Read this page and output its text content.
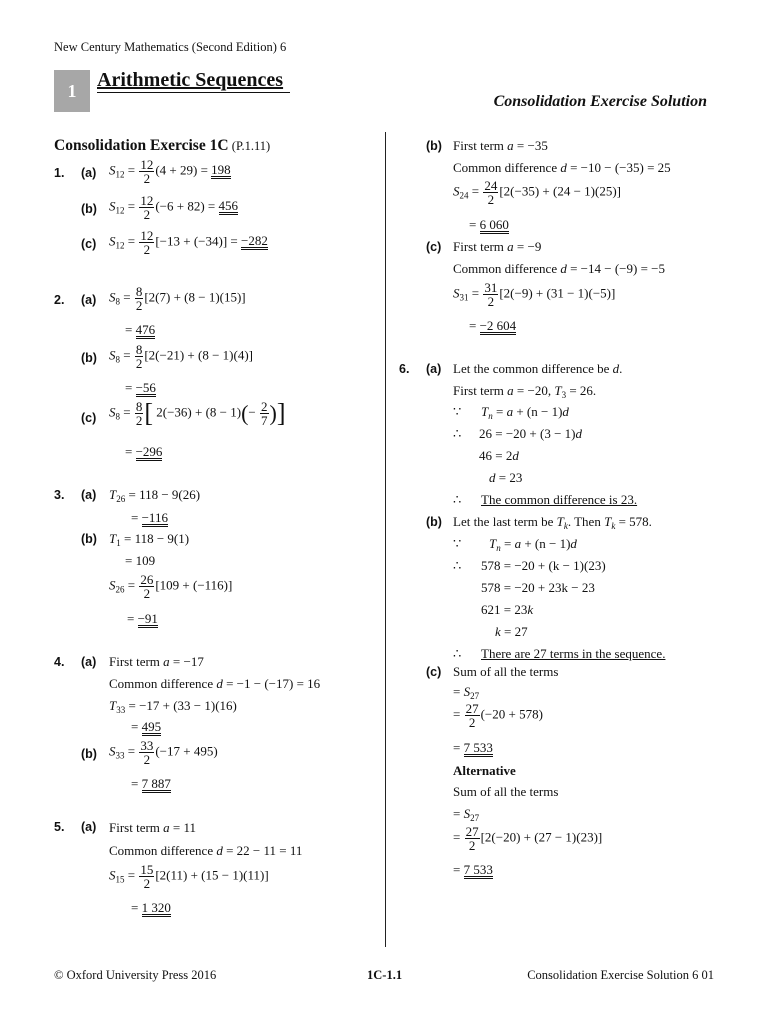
New Century Mathematics (Second Edition) 6
1	Arithmetic Sequences
Consolidation Exercise Solution
Consolidation Exercise 1C (P.1.11)
1. (a) $S_{12} = \frac{12}{2} (4 + 29) = 198$
(b) $S_{12} = \frac{12}{2} (-6 + 82) = 456$
(c) $S_{12} = \frac{12}{2} [-13 + (-34)] = -282$
2. (a) $S_8 = \frac{8}{2} [2(7) + (8 - 1)(15)]$
= 476
(b) $S_8 = \frac{8}{2} [2(-21) + (8 - 1)(4)]$
= −56
(c) $S_8 = \frac{8}{2}$ [ $2(-36) + (8 - 1)(- \frac{2}{7}$ )]
= −296
3. (a) $T_{26} = 118 - 9(26)$
= −116
(b) $T_1 = 118 - 9(1)$
= 109
$S_{26} = \frac{26}{2} [109 + (-116)]$
= −91
4. (a) First term a = −17
Common difference d = −1 − (−17) = 16
$T_{33} = -17 + (33 - 1)(16)$
= 495
(b) $S_{33} = \frac{33}{2} (-17 + 495)$
= 7 887
5. (a) First term a = 11
Common difference d = 22 − 11 = 11
$S_{15} = \frac{15}{2} [2(11) + (15 - 1)(11)]$
= 1 320
(b) First term a = −35
Common difference d = −10 − (−35) = 25
$S_{24} = \frac{24}{2} [2(-35) + (24 - 1)(25)]$
= 6 060
(c) First term a = −9
Common difference d = −14 − (−9) = −5
$S_{31} = \frac{31}{2} [2(-9) + (31 - 1)(-5)]$
= −2 604
6. (a) Let the common difference be d.
First term a = −20, $T_3 = 26$.
∵ $T_n = a + (n - 1)d$
∴ 26 = −20 + (3 − 1)d
46 = 2d
d = 23
∴ The common difference is 23.
(b) Let the last term be $T_k$. Then $T_k = 578$.
∵ $T_n = a + (n - 1)d$
∴ 578 = −20 + (k − 1)(23)
578 = −20 + 23k − 23
621 = 23k
k = 27
∴ There are 27 terms in the sequence.
(c) Sum of all the terms
= $S_{27}$
= $\frac{27}{2} (-20 + 578)$
= 7 533
Alternative
Sum of all the terms
= $S_{27}$
= $\frac{27}{2} [2(-20) + (27 - 1)(23)]$
= 7 533
© Oxford University Press 2016	1C-1.1	Consolidation Exercise Solution 6 01
